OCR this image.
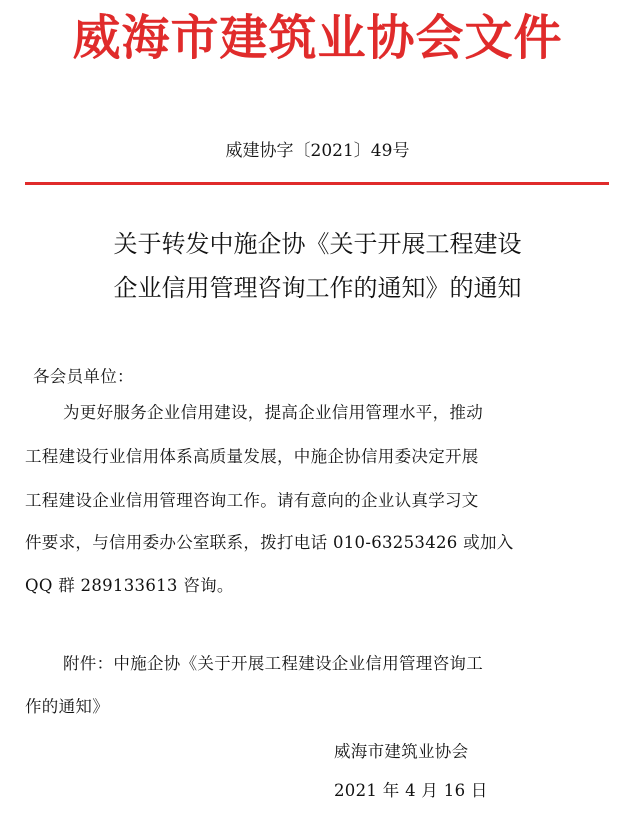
威海市建筑业协会文件
威建协字〔2021〕49号
关于转发中施企协《关于开展工程建设
企业信用管理咨询工作的通知》的通知
各会员单位：
为更好服务企业信用建设，提高企业信用管理水平，推动
工程建设行业信用体系高质量发展，中施企协信用委决定开展
工程建设企业信用管理咨询工作。请有意向的企业认真学习文
件要求，与信用委办公室联系，拨打电话 010-63253426 或加入
QQ 群 289133613 咨询。
附件：中施企协《关于开展工程建设企业信用管理咨询工
作的通知》
威海市建筑业协会
2021 年 4 月 16 日
